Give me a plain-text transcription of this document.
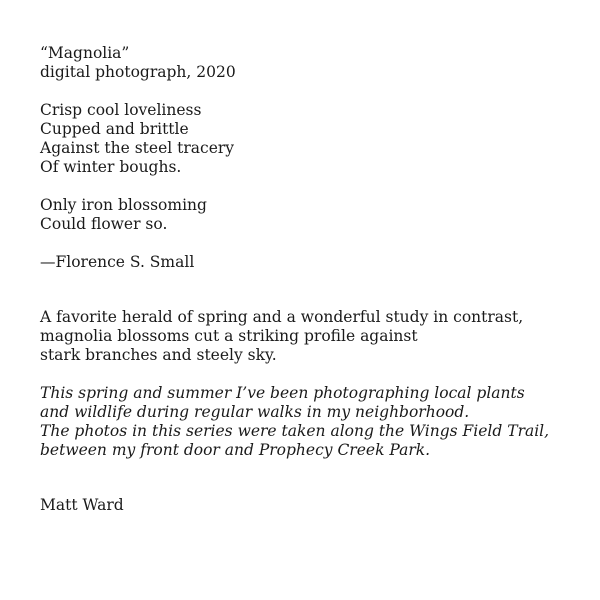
“Magnolia”
digital photograph, 2020
Crisp cool loveliness
Cupped and brittle
Against the steel tracery
Of winter boughs.
Only iron blossoming
Could flower so.
—Florence S. Small
A favorite herald of spring and a wonderful study in contrast,
magnolia blossoms cut a striking profile against
stark branches and steely sky.
This spring and summer I’ve been photographing local plants
and wildlife during regular walks in my neighborhood.
The photos in this series were taken along the Wings Field Trail,
between my front door and Prophecy Creek Park.
Matt Ward
